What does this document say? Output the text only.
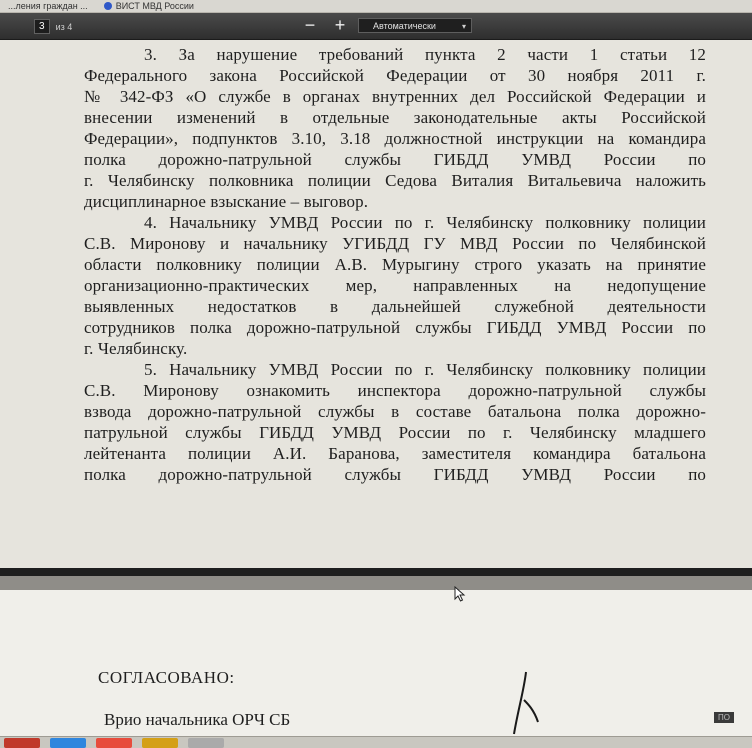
...ления граждан ...	ВИСТ МВД России
3	из 4	− +	Автоматически	▾
3. За нарушение требований пункта 2 части 1 статьи 12
Федерального закона Российской Федерации от 30 ноября 2011 г.
№ 342-ФЗ «О службе в органах внутренних дел Российской Федерации и
внесении изменений в отдельные законодательные акты Российской
Федерации», подпунктов 3.10, 3.18 должностной инструкции на командира
полка дорожно-патрульной службы ГИБДД УМВД России по
г. Челябинску полковника полиции Седова Виталия Витальевича наложить
дисциплинарное взыскание – выговор.
4. Начальнику УМВД России по г. Челябинску полковнику полиции
С.В. Миронову и начальнику УГИБДД ГУ МВД России по Челябинской
области полковнику полиции А.В. Мурыгину строго указать на принятие
организационно-практических мер, направленных на недопущение
выявленных недостатков в дальнейшей служебной деятельности
сотрудников полка дорожно-патрульной службы ГИБДД УМВД России по
г. Челябинску.
5. Начальнику УМВД России по г. Челябинску полковнику полиции
С.В. Миронову ознакомить инспектора дорожно-патрульной службы
взвода дорожно-патрульной службы в составе батальона полка дорожно-
патрульной службы ГИБДД УМВД России по г. Челябинску младшего
лейтенанта полиции А.И. Баранова, заместителя командира батальона
полка дорожно-патрульной службы ГИБДД УМВД России по
СОГЛАСОВАНО:
Врио начальника ОРЧ СБ	ПО
